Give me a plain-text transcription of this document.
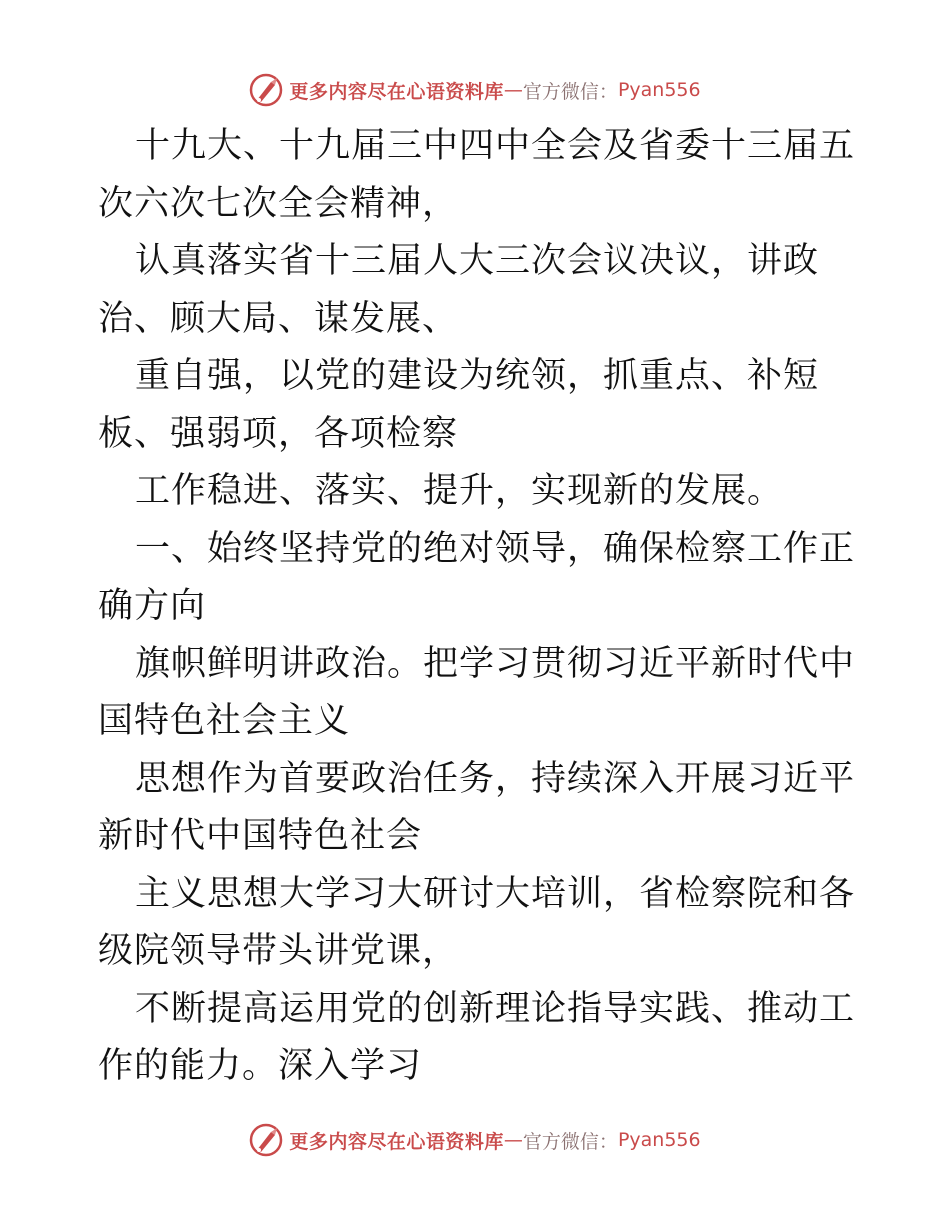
更多内容尽在心语资料库 — 官方微信： Pyan556

十九大、十九届三中四中全会及省委十三届五次六次七次全会精神，

认真落实省十三届人大三次会议决议，讲政治、顾大局、谋发展、

重自强，以党的建设为统领，抓重点、补短板、强弱项，各项检察

工作稳进、落实、提升，实现新的发展。

一、始终坚持党的绝对领导，确保检察工作正确方向

旗帜鲜明讲政治。把学习贯彻习近平新时代中国特色社会主义

思想作为首要政治任务，持续深入开展习近平新时代中国特色社会

主义思想大学习大研讨大培训，省检察院和各级院领导带头讲党课，

不断提高运用党的创新理论指导实践、推动工作的能力。深入学习

更多内容尽在心语资料库 — 官方微信： Pyan556
